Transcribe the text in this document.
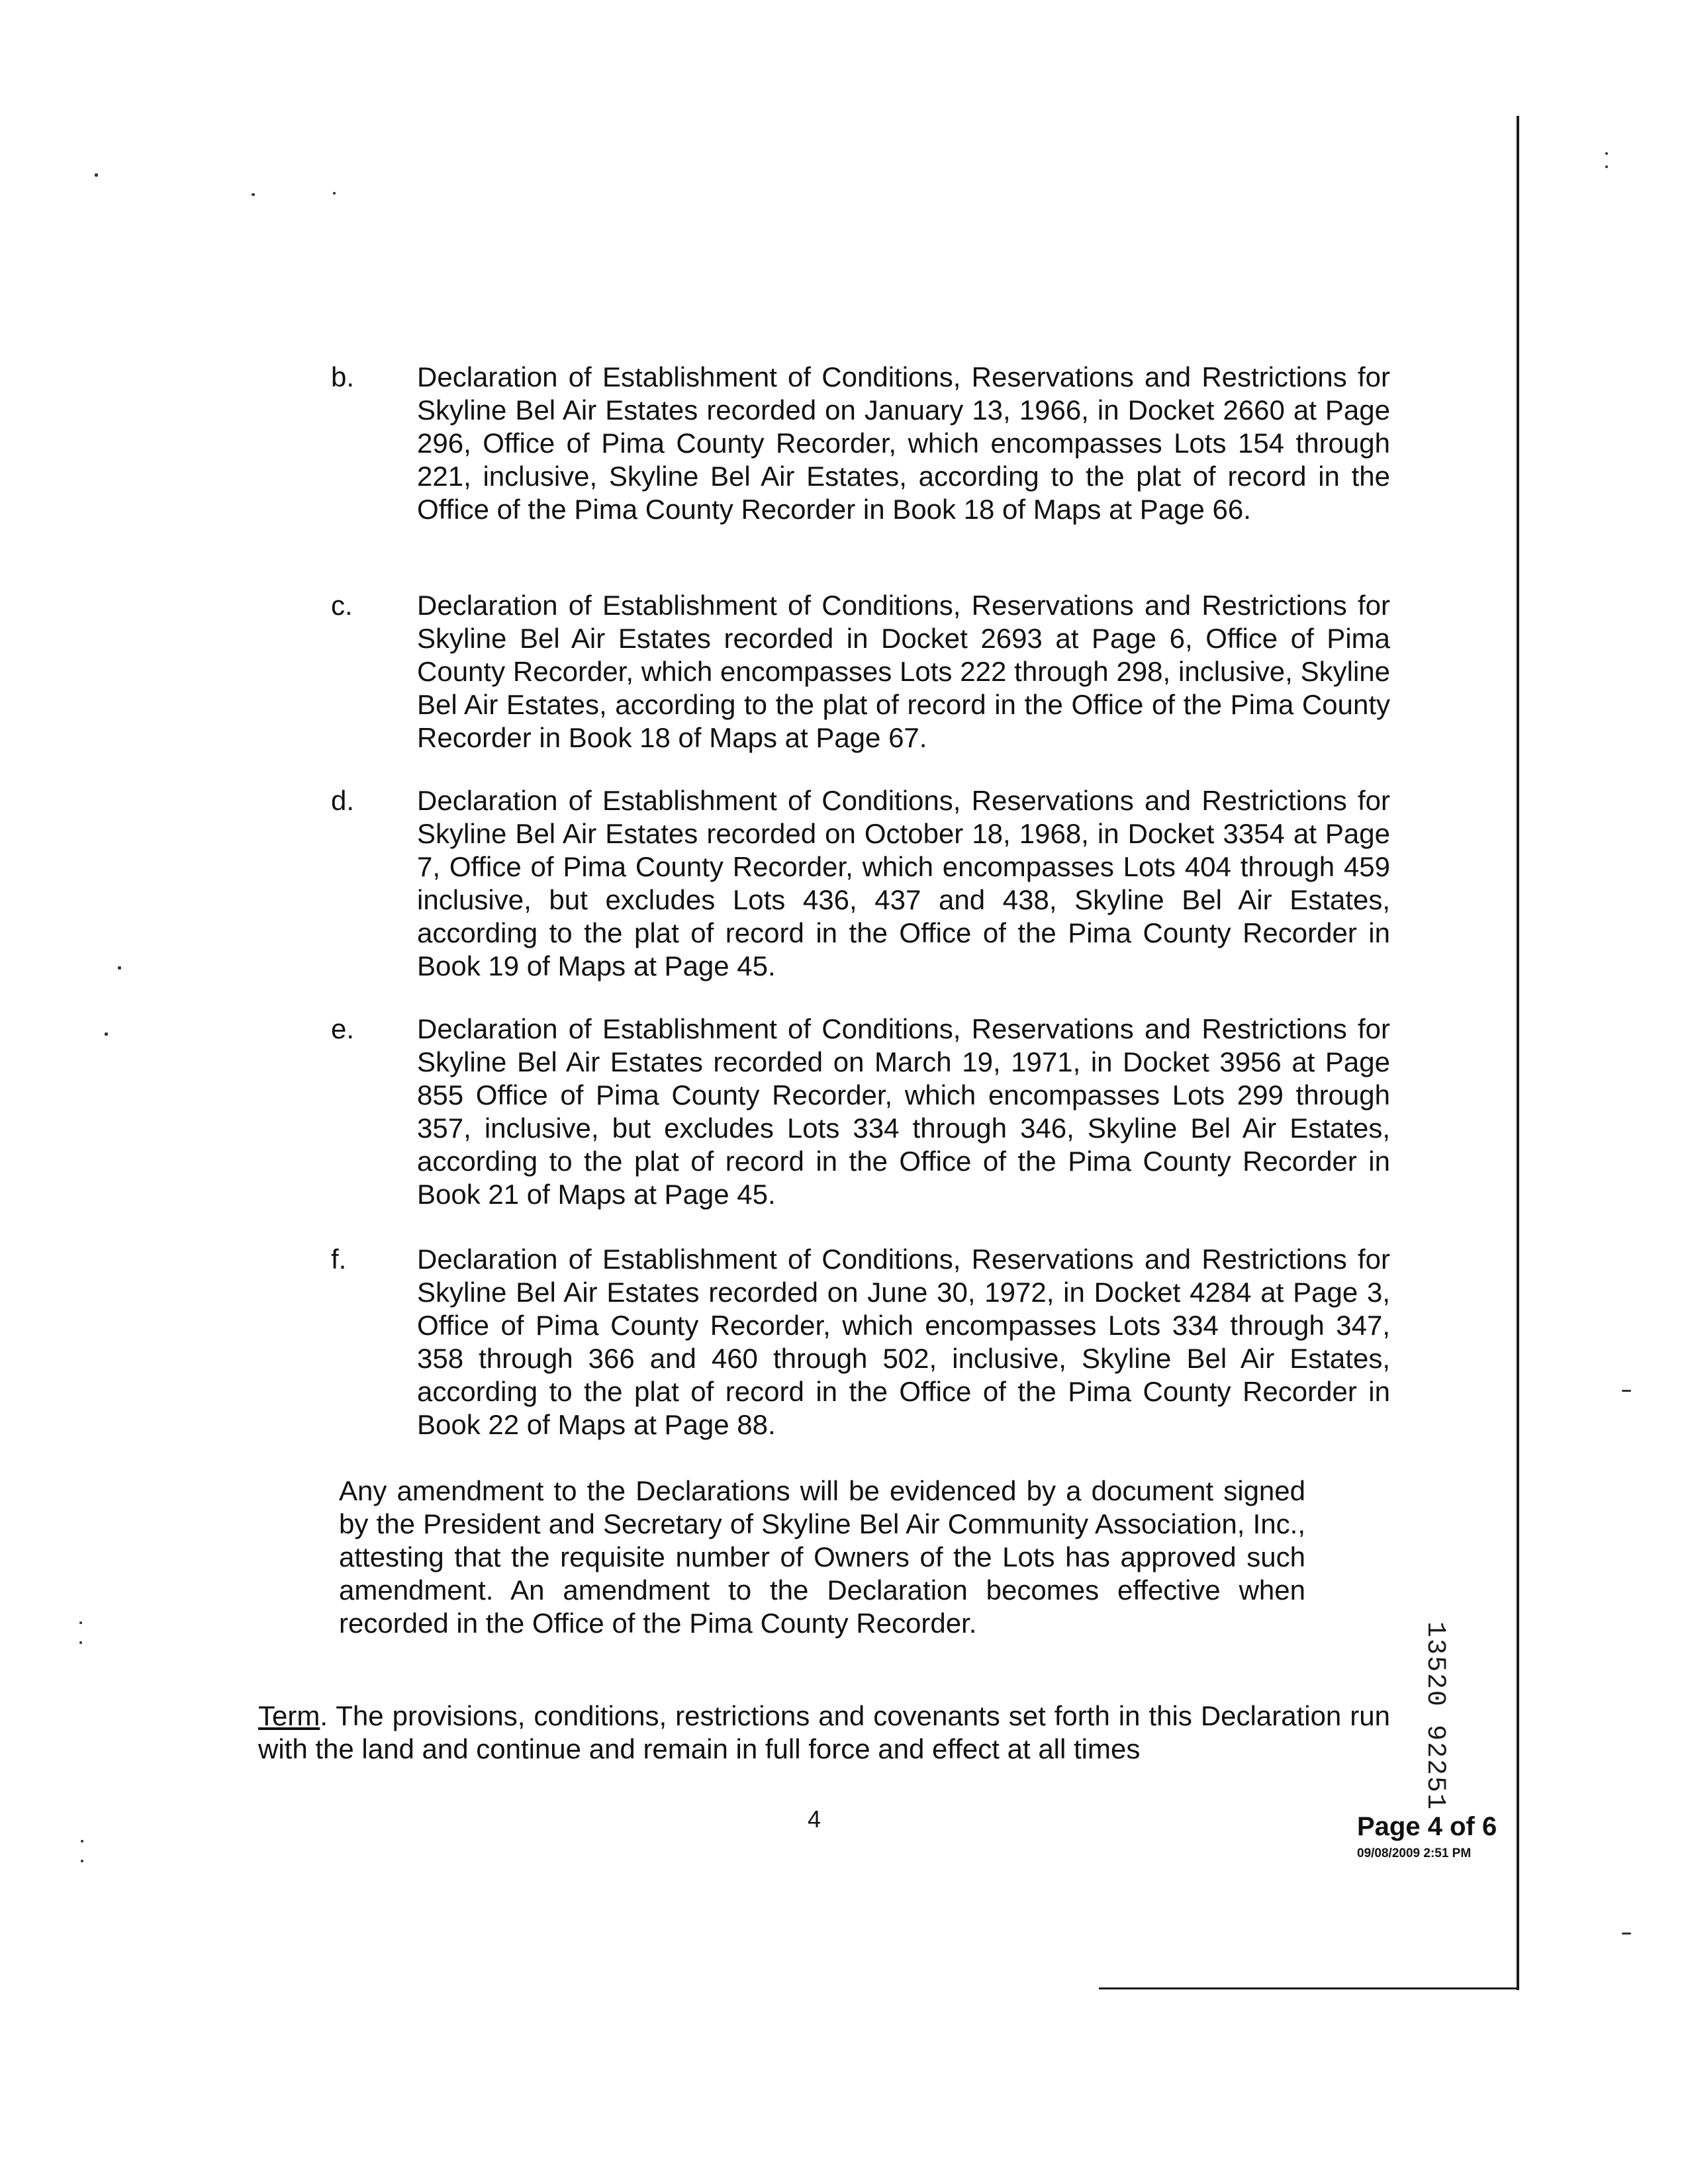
b.	Declaration of Establishment of Conditions, Reservations and Restrictions for Skyline Bel Air Estates recorded on January 13, 1966, in Docket 2660 at Page 296, Office of Pima County Recorder, which encompasses Lots 154 through 221, inclusive, Skyline Bel Air Estates, according to the plat of record in the Office of the Pima County Recorder in Book 18 of Maps at Page 66.
c.	Declaration of Establishment of Conditions, Reservations and Restrictions for Skyline Bel Air Estates recorded in Docket 2693 at Page 6, Office of Pima County Recorder, which encompasses Lots 222 through 298, inclusive, Skyline Bel Air Estates, according to the plat of record in the Office of the Pima County Recorder in Book 18 of Maps at Page 67.
d.	Declaration of Establishment of Conditions, Reservations and Restrictions for Skyline Bel Air Estates recorded on October 18, 1968, in Docket 3354 at Page 7, Office of Pima County Recorder, which encompasses Lots 404 through 459 inclusive, but excludes Lots 436, 437 and 438, Skyline Bel Air Estates, according to the plat of record in the Office of the Pima County Recorder in Book 19 of Maps at Page 45.
e.	Declaration of Establishment of Conditions, Reservations and Restrictions for Skyline Bel Air Estates recorded on March 19, 1971, in Docket 3956 at Page 855 Office of Pima County Recorder, which encompasses Lots 299 through 357, inclusive, but excludes Lots 334 through 346, Skyline Bel Air Estates, according to the plat of record in the Office of the Pima County Recorder in Book 21 of Maps at Page 45.
f.	Declaration of Establishment of Conditions, Reservations and Restrictions for Skyline Bel Air Estates recorded on June 30, 1972, in Docket 4284 at Page 3, Office of Pima County Recorder, which encompasses Lots 334 through 347, 358 through 366 and 460 through 502, inclusive, Skyline Bel Air Estates, according to the plat of record in the Office of the Pima County Recorder in Book 22 of Maps at Page 88.
Any amendment to the Declarations will be evidenced by a document signed by the President and Secretary of Skyline Bel Air Community Association, Inc., attesting that the requisite number of Owners of the Lots has approved such amendment. An amendment to the Declaration becomes effective when recorded in the Office of the Pima County Recorder.
Term. The provisions, conditions, restrictions and covenants set forth in this Declaration run with the land and continue and remain in full force and effect at all times
4	Page 4 of 6
09/08/2009 2:51 PM
13520 92251
